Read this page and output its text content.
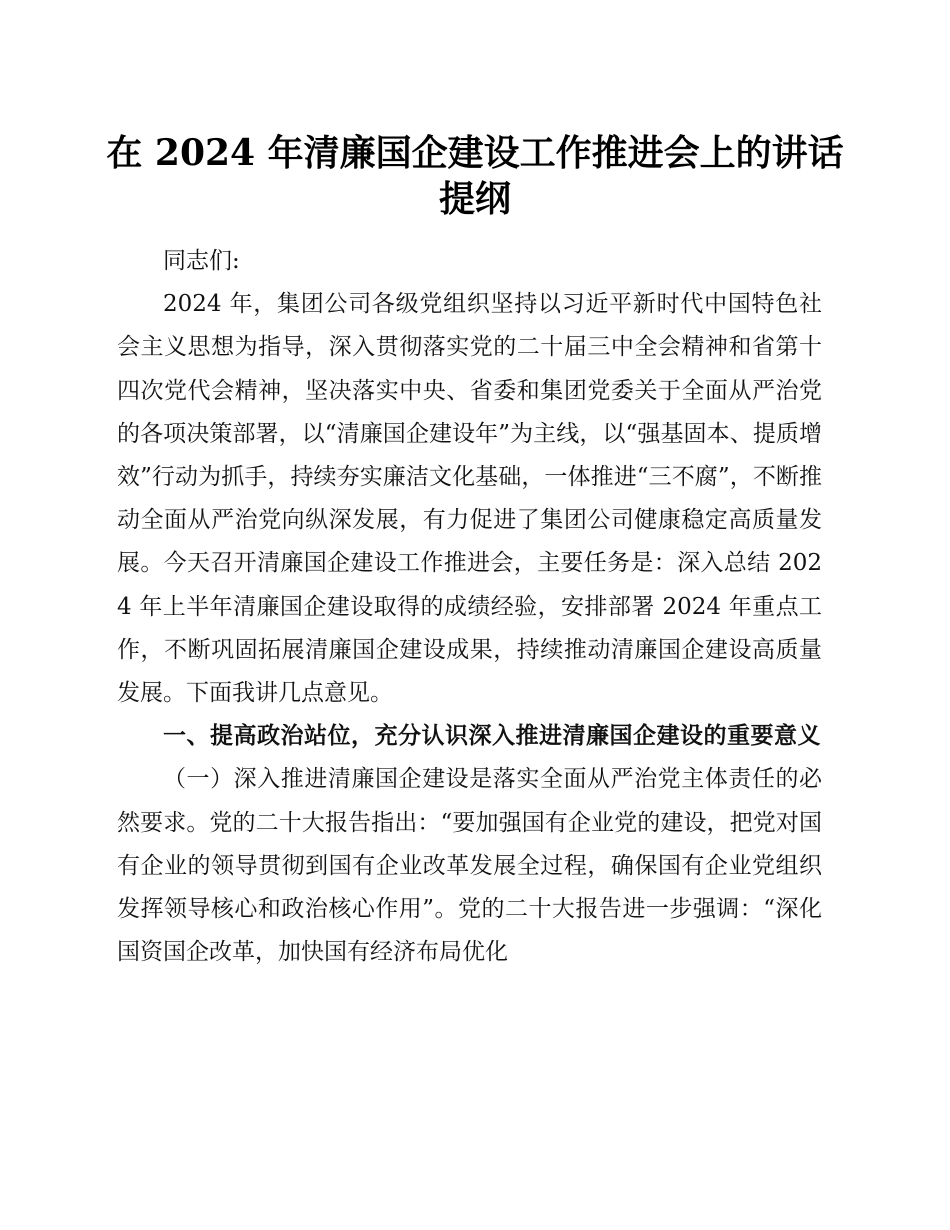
在 2024 年清廉国企建设工作推进会上的讲话提纲

同志们:

2024 年，集团公司各级党组织坚持以习近平新时代中国特色社会主义思想为指导，深入贯彻落实党的二十届三中全会精神和省第十四次党代会精神，坚决落实中央、省委和集团党委关于全面从严治党的各项决策部署，以“清廉国企建设年”为主线，以“强基固本、提质增效”行动为抓手，持续夯实廉洁文化基础，一体推进“三不腐”，不断推动全面从严治党向纵深发展，有力促进了集团公司健康稳定高质量发展。今天召开清廉国企建设工作推进会，主要任务是：深入总结 2024 年上半年清廉国企建设取得的成绩经验，安排部署 2024 年重点工作，不断巩固拓展清廉国企建设成果，持续推动清廉国企建设高质量发展。下面我讲几点意见。

一、提高政治站位，充分认识深入推进清廉国企建设的重要意义

（一）深入推进清廉国企建设是落实全面从严治党主体责任的必然要求。党的二十大报告指出：“要加强国有企业党的建设，把党对国有企业的领导贯彻到国有企业改革发展全过程，确保国有企业党组织发挥领导核心和政治核心作用”。党的二十大报告进一步强调：“深化国资国企改革，加快国有经济布局优化
